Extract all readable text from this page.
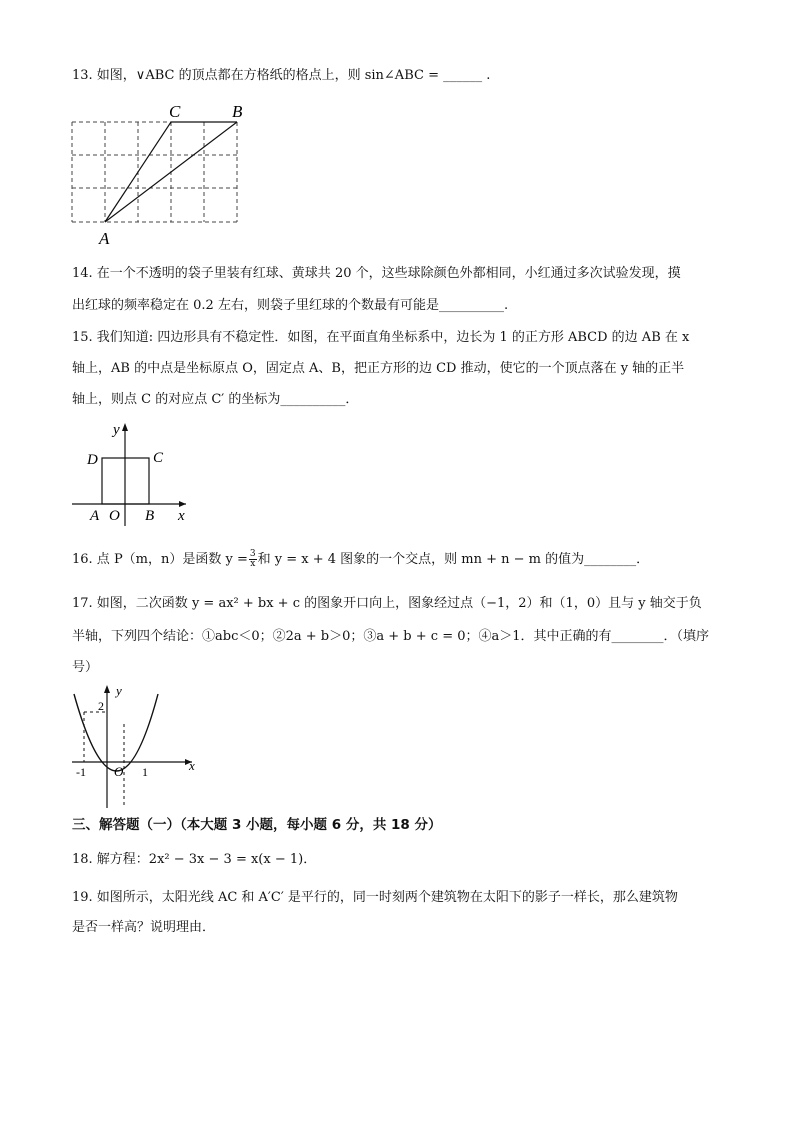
13. 如图，∨ABC 的顶点都在方格纸的格点上，则 sin∠ABC = ______ .
C	B
A
14. 在一个不透明的袋子里装有红球、黄球共 20 个，这些球除颜色外都相同，小红通过多次试验发现，摸
出红球的频率稳定在 0.2 左右，则袋子里红球的个数最有可能是__________.
15. 我们知道: 四边形具有不稳定性．如图，在平面直角坐标系中，边长为 1 的正方形 ABCD 的边 AB 在 x
轴上，AB 的中点是坐标原点 O，固定点 A、B，把正方形的边 CD 推动，使它的一个顶点落在 y 轴的正半
轴上，则点 C 的对应点 C′ 的坐标为__________．
y
x
D	C
A O B
16. 点 P（m，n）是函数 $y = \frac{3}{x}$ 和 y = x + 4 图象的一个交点，则 mn + n − m 的值为________．
17. 如图，二次函数 y = ax² + bx + c 的图象开口向上，图象经过点（−1，2）和（1，0）且与 y 轴交于负
半轴，下列四个结论：①abc＜0；②2a + b＞0；③a + b + c = 0；④a＞1．其中正确的有________．（填序
号）
y
x
2
-1 O 1
三、解答题（一）（本大题 3 小题，每小题 6 分，共 18 分）
18. 解方程：2x² − 3x − 3 = x(x − 1)．
19. 如图所示，太阳光线 AC 和 A′C′ 是平行的，同一时刻两个建筑物在太阳下的影子一样长，那么建筑物
是否一样高？说明理由．
